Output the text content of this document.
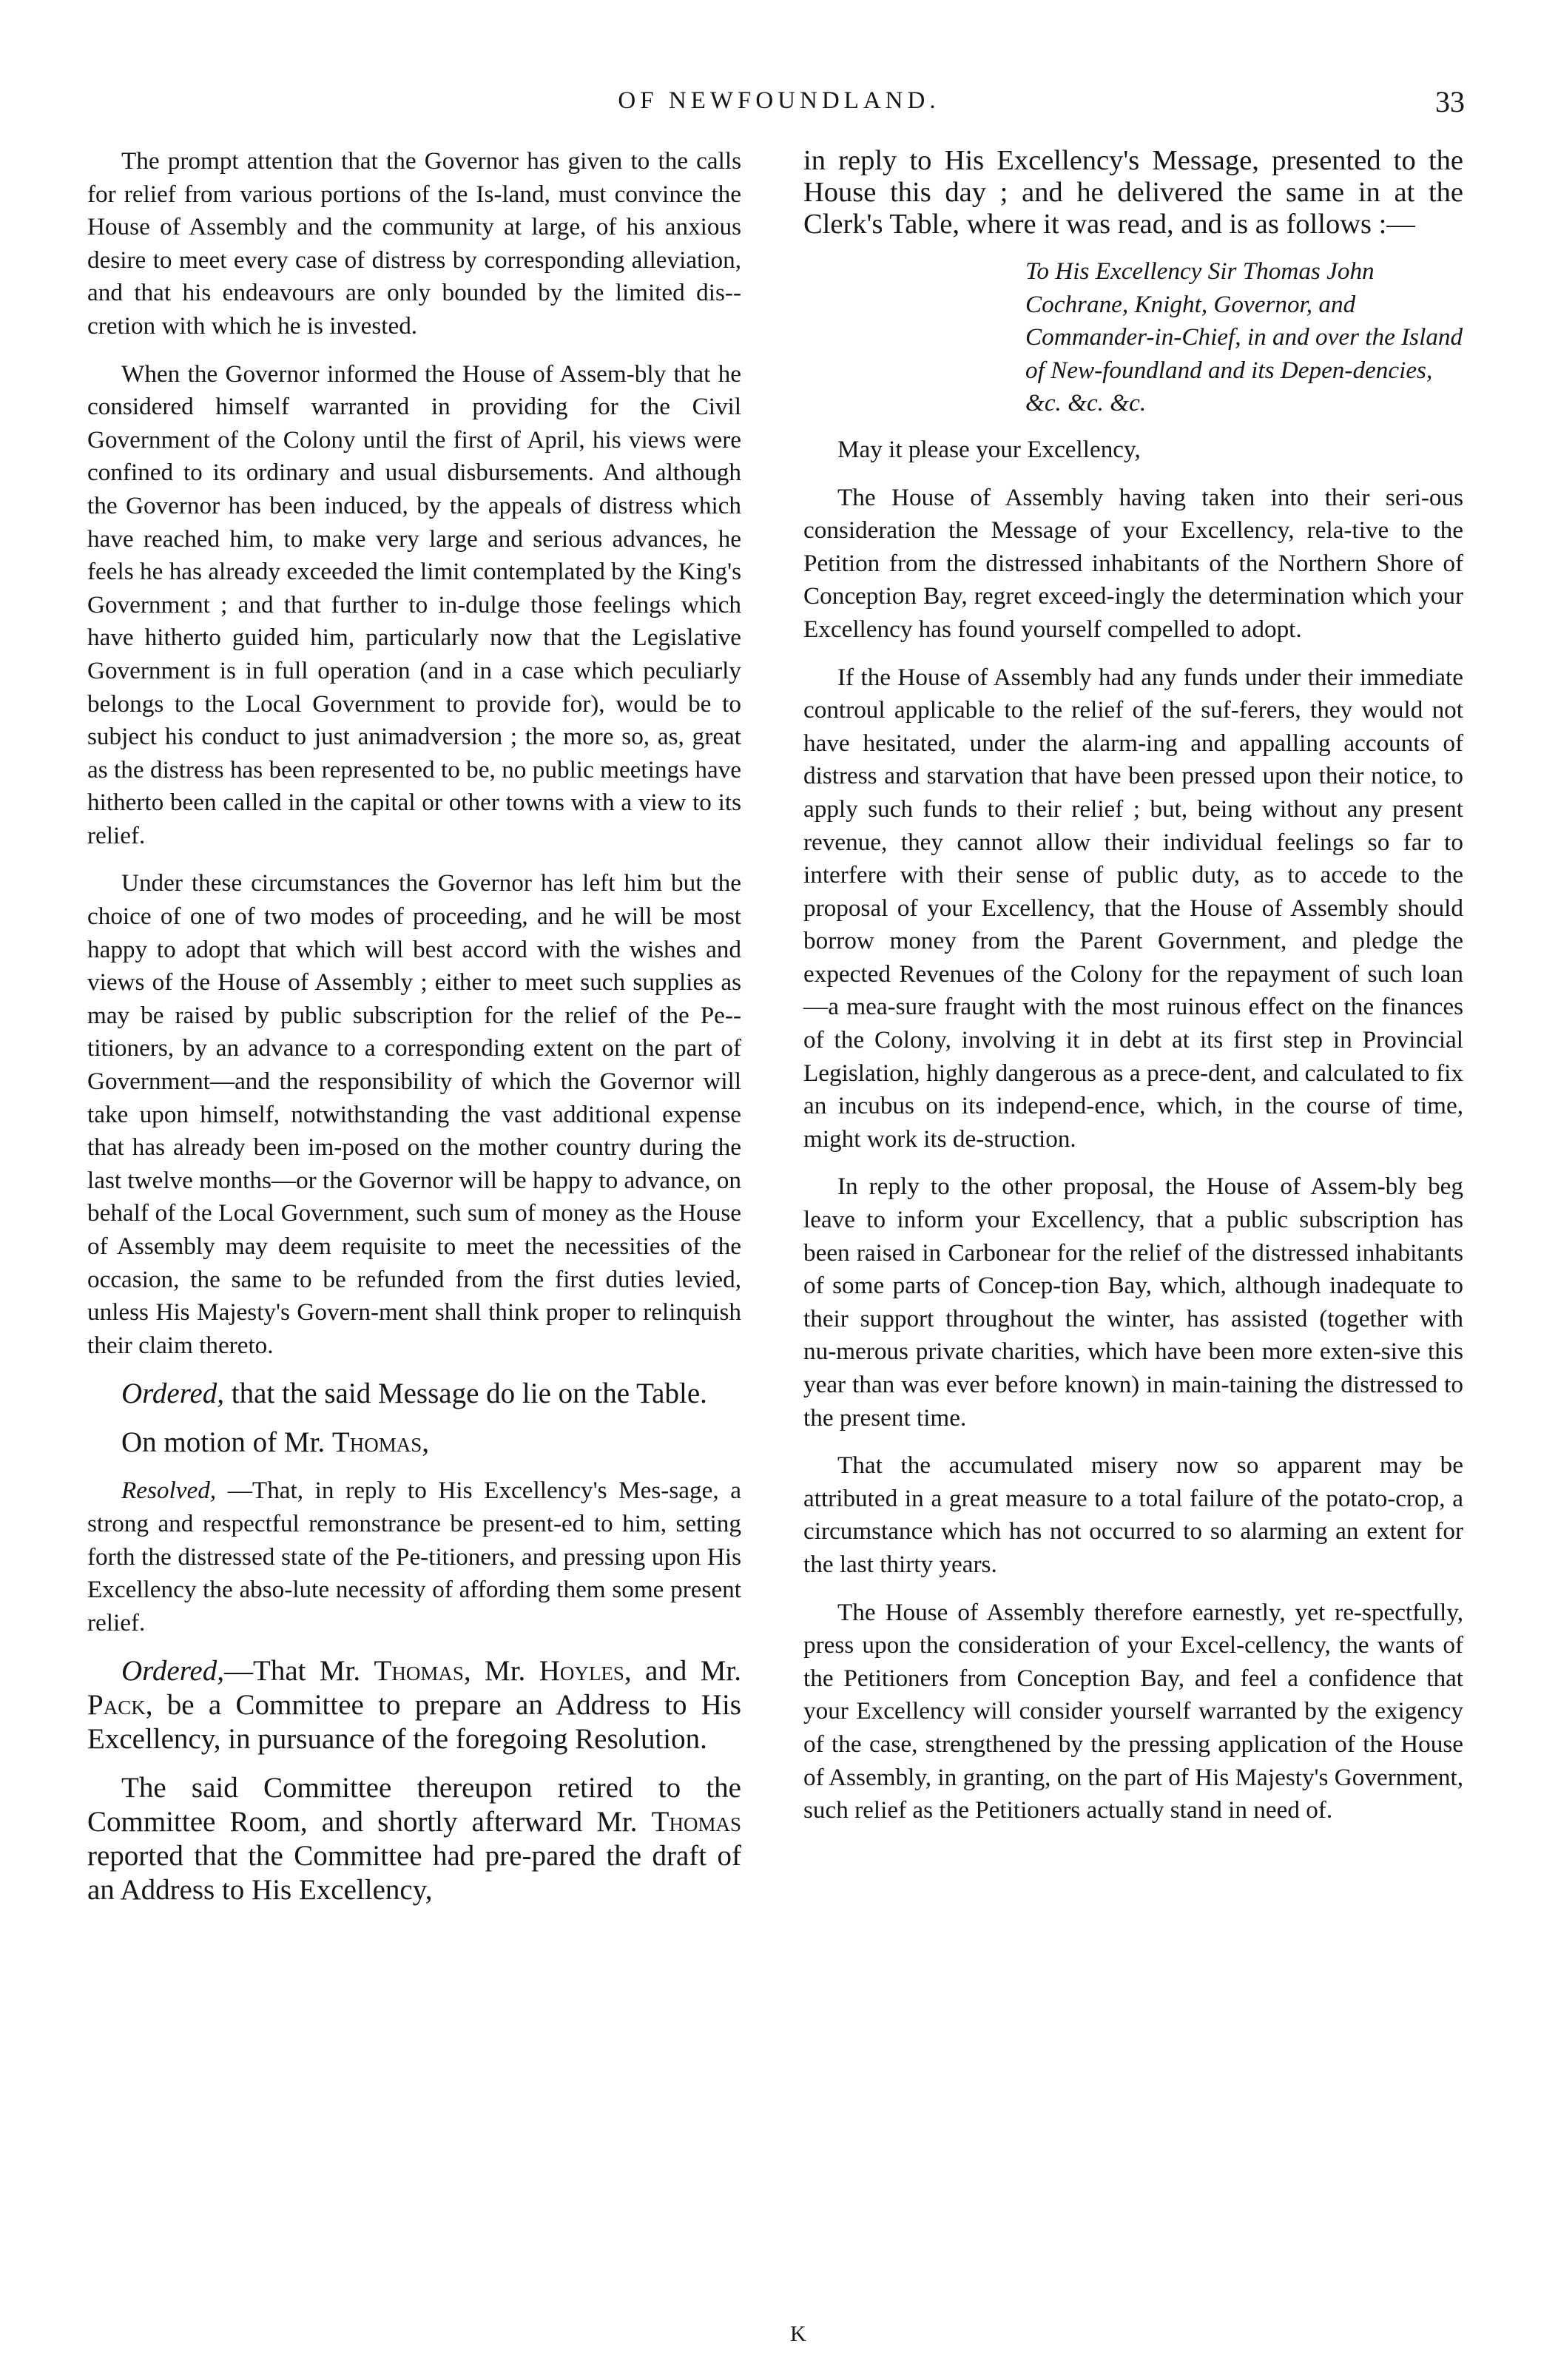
OF NEWFOUNDLAND.	33

The prompt attention that the Governor has given to the calls for relief from various portions of the Is-land, must convince the House of Assembly and the community at large, of his anxious desire to meet every case of distress by corresponding alleviation, and that his endeavours are only bounded by the limited dis-cretion with which he is invested.

When the Governor informed the House of Assem-bly that he considered himself warranted in providing for the Civil Government of the Colony until the first of April, his views were confined to its ordinary and usual disbursements. And although the Governor has been induced, by the appeals of distress which have reached him, to make very large and serious advances, he feels he has already exceeded the limit contemplated by the King's Government ; and that further to in-dulge those feelings which have hitherto guided him, particularly now that the Legislative Government is in full operation (and in a case which peculiarly belongs to the Local Government to provide for), would be to subject his conduct to just animadversion ; the more so, as, great as the distress has been represented to be, no public meetings have hitherto been called in the capital or other towns with a view to its relief.

Under these circumstances the Governor has left him but the choice of one of two modes of proceeding, and he will be most happy to adopt that which will best accord with the wishes and views of the House of Assembly ; either to meet such supplies as may be raised by public subscription for the relief of the Pe-titioners, by an advance to a corresponding extent on the part of Government—and the responsibility of which the Governor will take upon himself, notwithstanding the vast additional expense that has already been im-posed on the mother country during the last twelve months—or the Governor will be happy to advance, on behalf of the Local Government, such sum of money as the House of Assembly may deem requisite to meet the necessities of the occasion, the same to be refunded from the first duties levied, unless His Majesty's Govern-ment shall think proper to relinquish their claim thereto.

Ordered, that the said Message do lie on the Table.

On motion of Mr. Thomas,

Resolved, —That, in reply to His Excellency's Mes-sage, a strong and respectful remonstrance be present-ed to him, setting forth the distressed state of the Pe-titioners, and pressing upon His Excellency the abso-lute necessity of affording them some present relief.

Ordered,—That Mr. Thomas, Mr. Hoyles, and Mr. Pack, be a Committee to prepare an Address to His Excellency, in pursuance of the foregoing Resolution.

The said Committee thereupon retired to the Committee Room, and shortly afterward Mr. Thomas reported that the Committee had pre-pared the draft of an Address to His Excellency,

in reply to His Excellency's Message, presented to the House this day ; and he delivered the same in at the Clerk's Table, where it was read, and is as follows :—

To His Excellency Sir Thomas John Cochrane, Knight, Governor, and Commander-in-Chief, in and over the Island of New-foundland and its Depen-dencies, &c. &c. &c.

May it please your Excellency,

The House of Assembly having taken into their seri-ous consideration the Message of your Excellency, rela-tive to the Petition from the distressed inhabitants of the Northern Shore of Conception Bay, regret exceed-ingly the determination which your Excellency has found yourself compelled to adopt.

If the House of Assembly had any funds under their immediate controul applicable to the relief of the suf-ferers, they would not have hesitated, under the alarm-ing and appalling accounts of distress and starvation that have been pressed upon their notice, to apply such funds to their relief ; but, being without any present revenue, they cannot allow their individual feelings so far to interfere with their sense of public duty, as to accede to the proposal of your Excellency, that the House of Assembly should borrow money from the Parent Government, and pledge the expected Revenues of the Colony for the repayment of such loan—a mea-sure fraught with the most ruinous effect on the finances of the Colony, involving it in debt at its first step in Provincial Legislation, highly dangerous as a prece-dent, and calculated to fix an incubus on its independ-ence, which, in the course of time, might work its de-struction.

In reply to the other proposal, the House of Assem-bly beg leave to inform your Excellency, that a public subscription has been raised in Carbonear for the relief of the distressed inhabitants of some parts of Concep-tion Bay, which, although inadequate to their support throughout the winter, has assisted (together with nu-merous private charities, which have been more exten-sive this year than was ever before known) in main-taining the distressed to the present time.

That the accumulated misery now so apparent may be attributed in a great measure to a total failure of the potato-crop, a circumstance which has not occurred to so alarming an extent for the last thirty years.

The House of Assembly therefore earnestly, yet re-spectfully, press upon the consideration of your Excel-cellency, the wants of the Petitioners from Conception Bay, and feel a confidence that your Excellency will consider yourself warranted by the exigency of the case, strengthened by the pressing application of the House of Assembly, in granting, on the part of His Majesty's Government, such relief as the Petitioners actually stand in need of.

K
